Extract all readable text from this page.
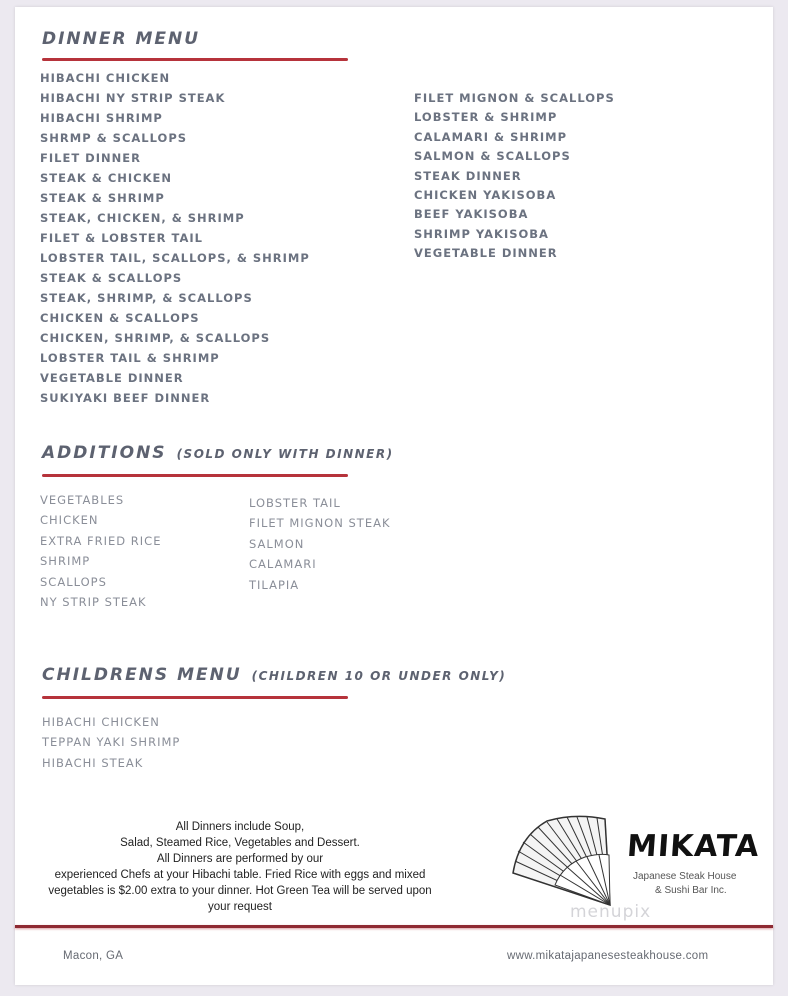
DINNER MENU
HIBACHI CHICKEN
HIBACHI NY STRIP STEAK
HIBACHI SHRIMP
SHRMP & SCALLOPS
FILET DINNER
STEAK & CHICKEN
STEAK & SHRIMP
STEAK, CHICKEN, & SHRIMP
FILET & LOBSTER TAIL
LOBSTER TAIL, SCALLOPS, & SHRIMP
STEAK & SCALLOPS
STEAK, SHRIMP, & SCALLOPS
CHICKEN & SCALLOPS
CHICKEN, SHRIMP, & SCALLOPS
LOBSTER TAIL & SHRIMP
VEGETABLE DINNER
SUKIYAKI BEEF DINNER
FILET MIGNON & SCALLOPS
LOBSTER & SHRIMP
CALAMARI & SHRIMP
SALMON & SCALLOPS
STEAK DINNER
CHICKEN YAKISOBA
BEEF YAKISOBA
SHRIMP YAKISOBA
VEGETABLE DINNER
ADDITIONS (SOLD ONLY WITH DINNER)
VEGETABLES
CHICKEN
EXTRA FRIED RICE
SHRIMP
SCALLOPS
NY STRIP STEAK
LOBSTER TAIL
FILET MIGNON STEAK
SALMON
CALAMARI
TILAPIA
CHILDRENS MENU (CHILDREN 10 OR UNDER ONLY)
HIBACHI CHICKEN
TEPPAN YAKI SHRIMP
HIBACHI STEAK
All Dinners include Soup,
Salad, Steamed Rice, Vegetables and Dessert.
All Dinners are performed by our
experienced Chefs at your Hibachi table. Fried Rice with eggs and mixed
vegetables is $2.00 extra to your dinner. Hot Green Tea will be served upon
your request
MIKATA
Japanese Steak House
& Sushi Bar Inc.
menupix
Macon, GA	www.mikatajapanesesteakhouse.com
